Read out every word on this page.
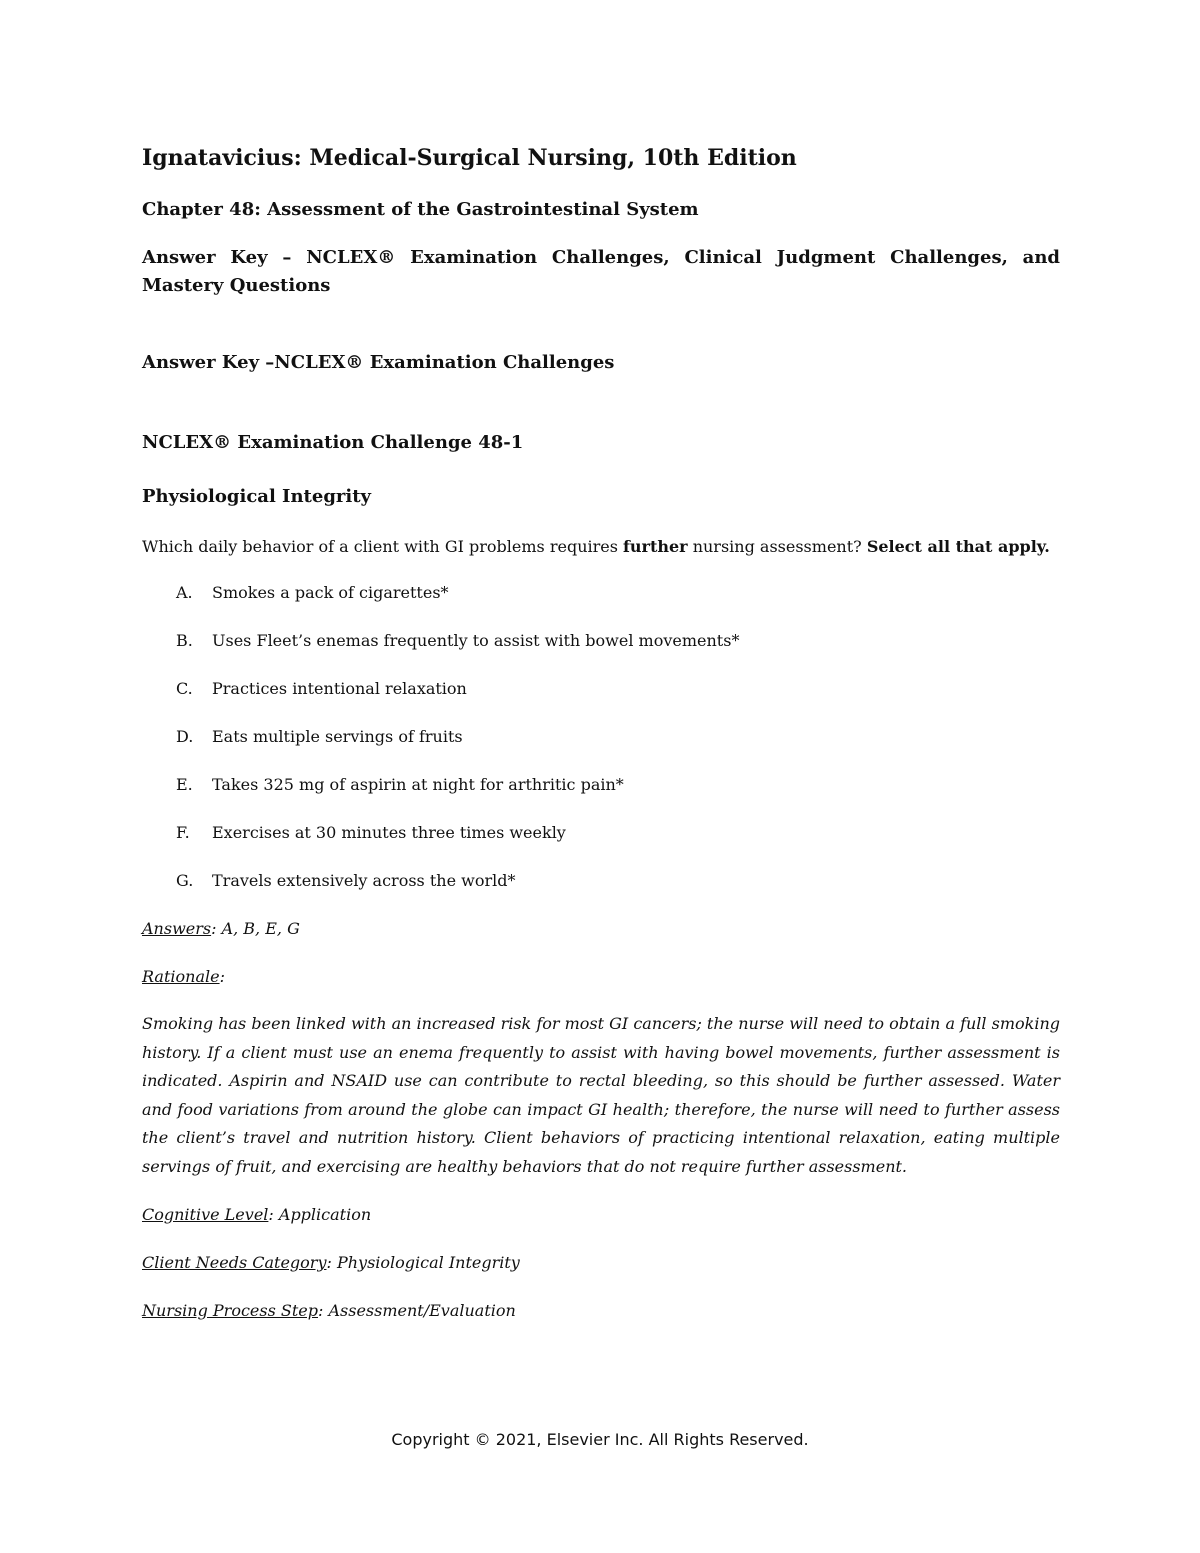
Ignatavicius: Medical-Surgical Nursing, 10th Edition
Chapter 48: Assessment of the Gastrointestinal System
Answer Key – NCLEX® Examination Challenges, Clinical Judgment Challenges, and Mastery Questions
Answer Key –NCLEX® Examination Challenges
NCLEX® Examination Challenge 48-1
Physiological Integrity
Which daily behavior of a client with GI problems requires further nursing assessment? Select all that apply.
A. Smokes a pack of cigarettes*
B. Uses Fleet’s enemas frequently to assist with bowel movements*
C. Practices intentional relaxation
D. Eats multiple servings of fruits
E. Takes 325 mg of aspirin at night for arthritic pain*
F. Exercises at 30 minutes three times weekly
G. Travels extensively across the world*
Answers: A, B, E, G
Rationale:
Smoking has been linked with an increased risk for most GI cancers; the nurse will need to obtain a full smoking history. If a client must use an enema frequently to assist with having bowel movements, further assessment is indicated. Aspirin and NSAID use can contribute to rectal bleeding, so this should be further assessed. Water and food variations from around the globe can impact GI health; therefore, the nurse will need to further assess the client’s travel and nutrition history. Client behaviors of practicing intentional relaxation, eating multiple servings of fruit, and exercising are healthy behaviors that do not require further assessment.
Cognitive Level: Application
Client Needs Category: Physiological Integrity
Nursing Process Step: Assessment/Evaluation
Copyright © 2021, Elsevier Inc. All Rights Reserved.
